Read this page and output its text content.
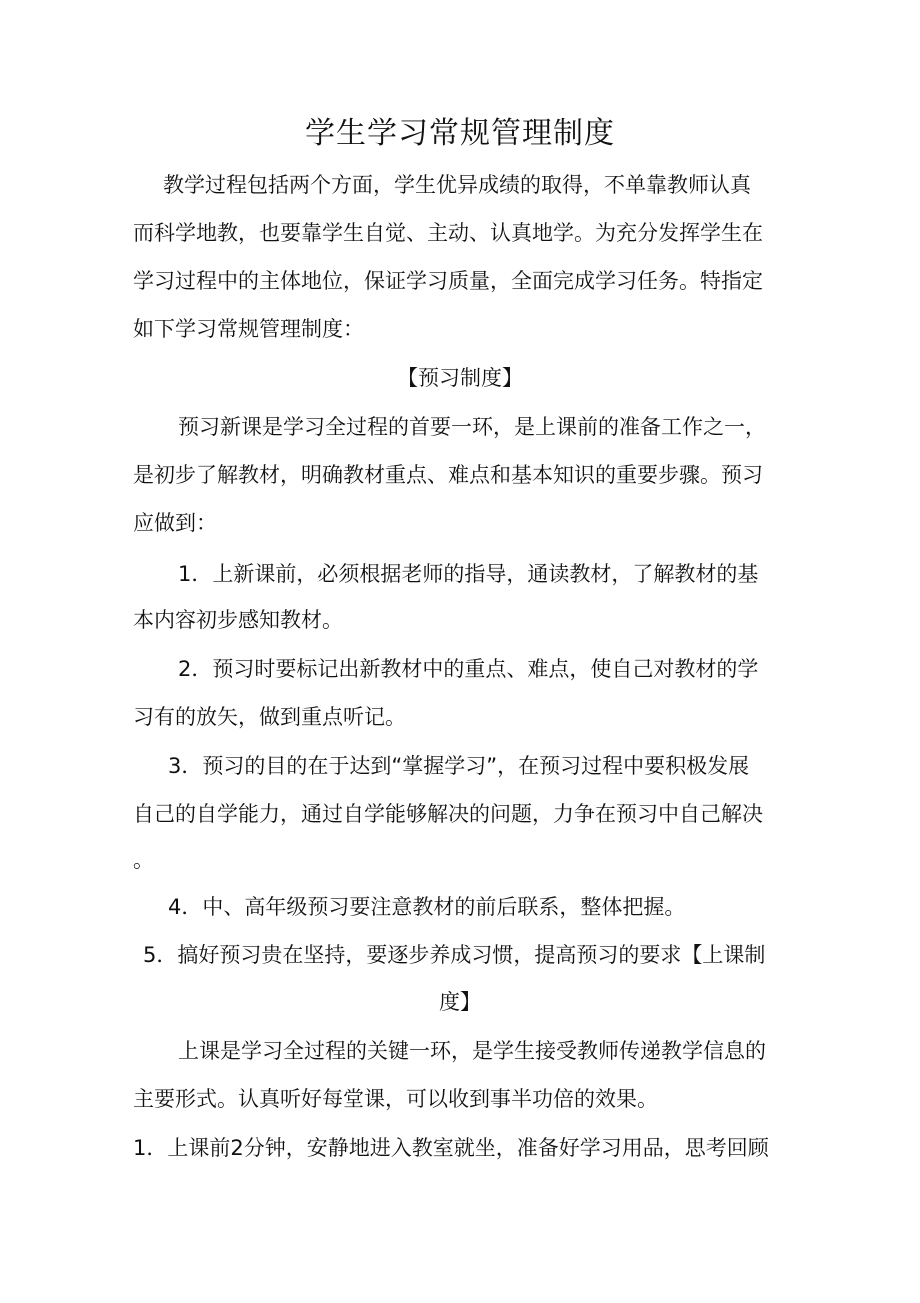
学生学习常规管理制度
教学过程包括两个方面，学生优异成绩的取得，不单靠教师认真
而科学地教，也要靠学生自觉、主动、认真地学。为充分发挥学生在
学习过程中的主体地位，保证学习质量，全面完成学习任务。特指定
如下学习常规管理制度：
【预习制度】
预习新课是学习全过程的首要一环，是上课前的准备工作之一，
是初步了解教材，明确教材重点、难点和基本知识的重要步骤。预习
应做到：
1．上新课前，必须根据老师的指导，通读教材，了解教材的基
本内容初步感知教材。
2．预习时要标记出新教材中的重点、难点，使自己对教材的学
习有的放矢，做到重点听记。
3．预习的目的在于达到“掌握学习”，在预习过程中要积极发展
自己的自学能力，通过自学能够解决的问题，力争在预习中自己解决
。
4．中、高年级预习要注意教材的前后联系，整体把握。
5．搞好预习贵在坚持，要逐步养成习惯，提高预习的要求【上课制
度】
上课是学习全过程的关键一环，是学生接受教师传递教学信息的
主要形式。认真听好每堂课，可以收到事半功倍的效果。
1．上课前2分钟，安静地进入教室就坐，准备好学习用品，思考回顾
